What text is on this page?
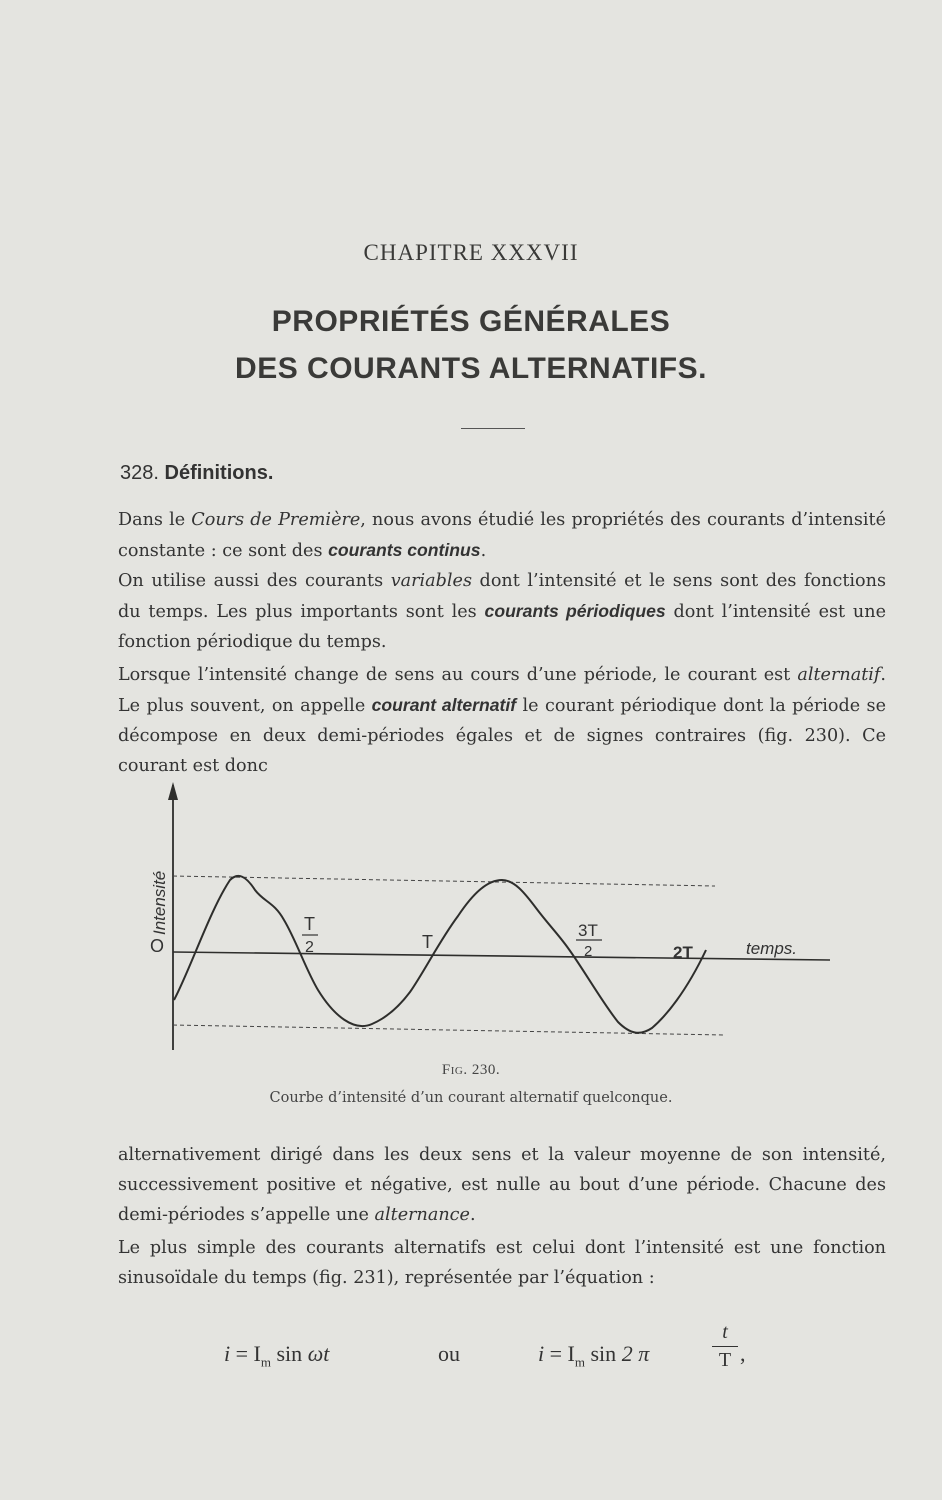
CHAPITRE XXXVII
PROPRIÉTÉS GÉNÉRALES
DES COURANTS ALTERNATIFS.
328. Définitions.
Dans le Cours de Première, nous avons étudié les propriétés des courants d’intensité constante : ce sont des courants continus.
On utilise aussi des courants variables dont l’intensité et le sens sont des fonctions du temps. Les plus importants sont les courants périodiques dont l’intensité est une fonction périodique du temps.
Lorsque l’intensité change de sens au cours d’une période, le courant est alternatif. Le plus souvent, on appelle courant alternatif le courant périodique dont la période se décompose en deux demi-périodes égales et de signes contraires (fig. 230). Ce courant est donc
Intensité
O	temps.
T
2	T
3T
2	2T
Fig. 230.
Courbe d’intensité d’un courant alternatif quelconque.
alternativement dirigé dans les deux sens et la valeur moyenne de son intensité, successivement positive et négative, est nulle au bout d’une période. Chacune des demi-périodes s’appelle une alternance.
Le plus simple des courants alternatifs est celui dont l’intensité est une fonction sinusoïdale du temps (fig. 231), représentée par l’équation :
$i = I_m$ sin ωt	ou	$i = I_m$ sin 2 π
t
T ,
